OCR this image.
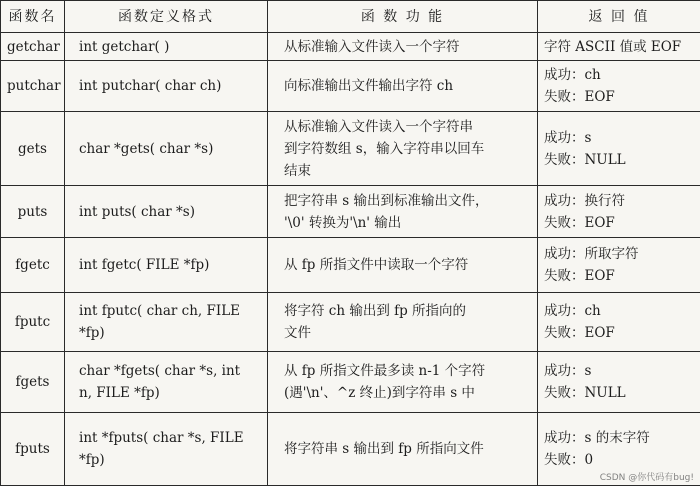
函数名	函数定义格式	函 数 功 能	返 回 值
getchar	int getchar( )	从标准输入文件读入一个字符	字符 ASCII 值或 EOF

putchar	int putchar( char ch)	向标准输出文件输出字符 ch	成功：ch
失败：EOF

gets	char *gets( char *s)	从标准输入文件读入一个字符串
到字符数组 s，输入字符串以回车
结束	成功：s
失败：NULL

puts	int puts( char *s)	把字符串 s 输出到标准输出文件，
'\0' 转换为'\n' 输出	成功：换行符
失败：EOF

fgetc	int fgetc( FILE *fp)	从 fp 所指文件中读取一个字符	成功：所取字符
失败：EOF

fputc	int fputc( char ch, FILE
*fp)	将字符 ch 输出到 fp 所指向的
文件	成功：ch
失败：EOF

fgets	char *fgets( char *s, int
n, FILE *fp)	从 fp 所指文件最多读 n-1 个字符
(遇'\n'、^z 终止)到字符串 s 中	成功：s
失败：NULL

fputs	int *fputs( char *s, FILE
*fp)	将字符串 s 输出到 fp 所指向文件	成功：s 的末字符
失败：0
CSDN @你代码有bug!
